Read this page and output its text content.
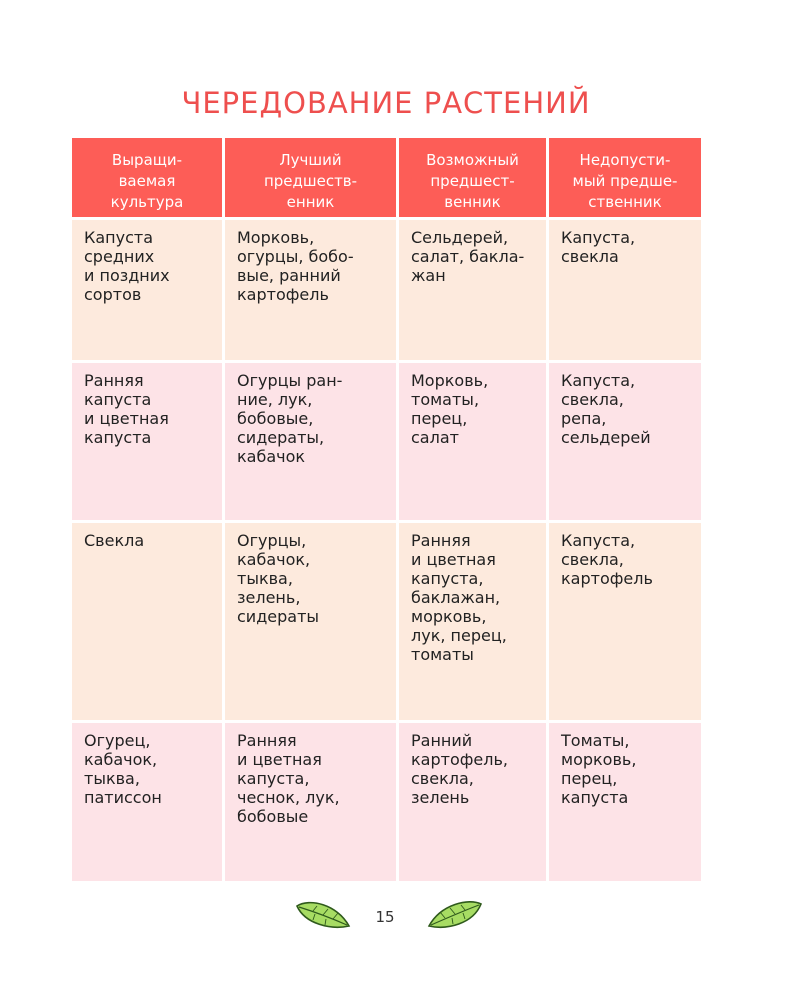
ЧЕРЕДОВАНИЕ РАСТЕНИЙ
Выращи-
ваемая
культура
Лучший
предшеств-
енник
Возможный
предшест-
венник
Недопусти-
мый предше-
ственник
Капуста
средних
и поздних
сортов
Морковь,
огурцы, бобо-
вые, ранний
картофель
Сельдерей,
салат, бакла-
жан
Капуста,
свекла
Ранняя
капуста
и цветная
капуста
Огурцы ран-
ние, лук,
бобовые,
сидераты,
кабачок
Морковь,
томаты,
перец,
салат
Капуста,
свекла,
репа,
сельдерей
Свекла	Огурцы,
кабачок,
тыква,
зелень,
сидераты
Ранняя
и цветная
капуста,
баклажан,
морковь,
лук, перец,
томаты
Капуста,
свекла,
картофель
Огурец,
кабачок,
тыква,
патиссон
Ранняя
и цветная
капуста,
чеснок, лук,
бобовые
Ранний
картофель,
свекла,
зелень
Томаты,
морковь,
перец,
капуста
15
